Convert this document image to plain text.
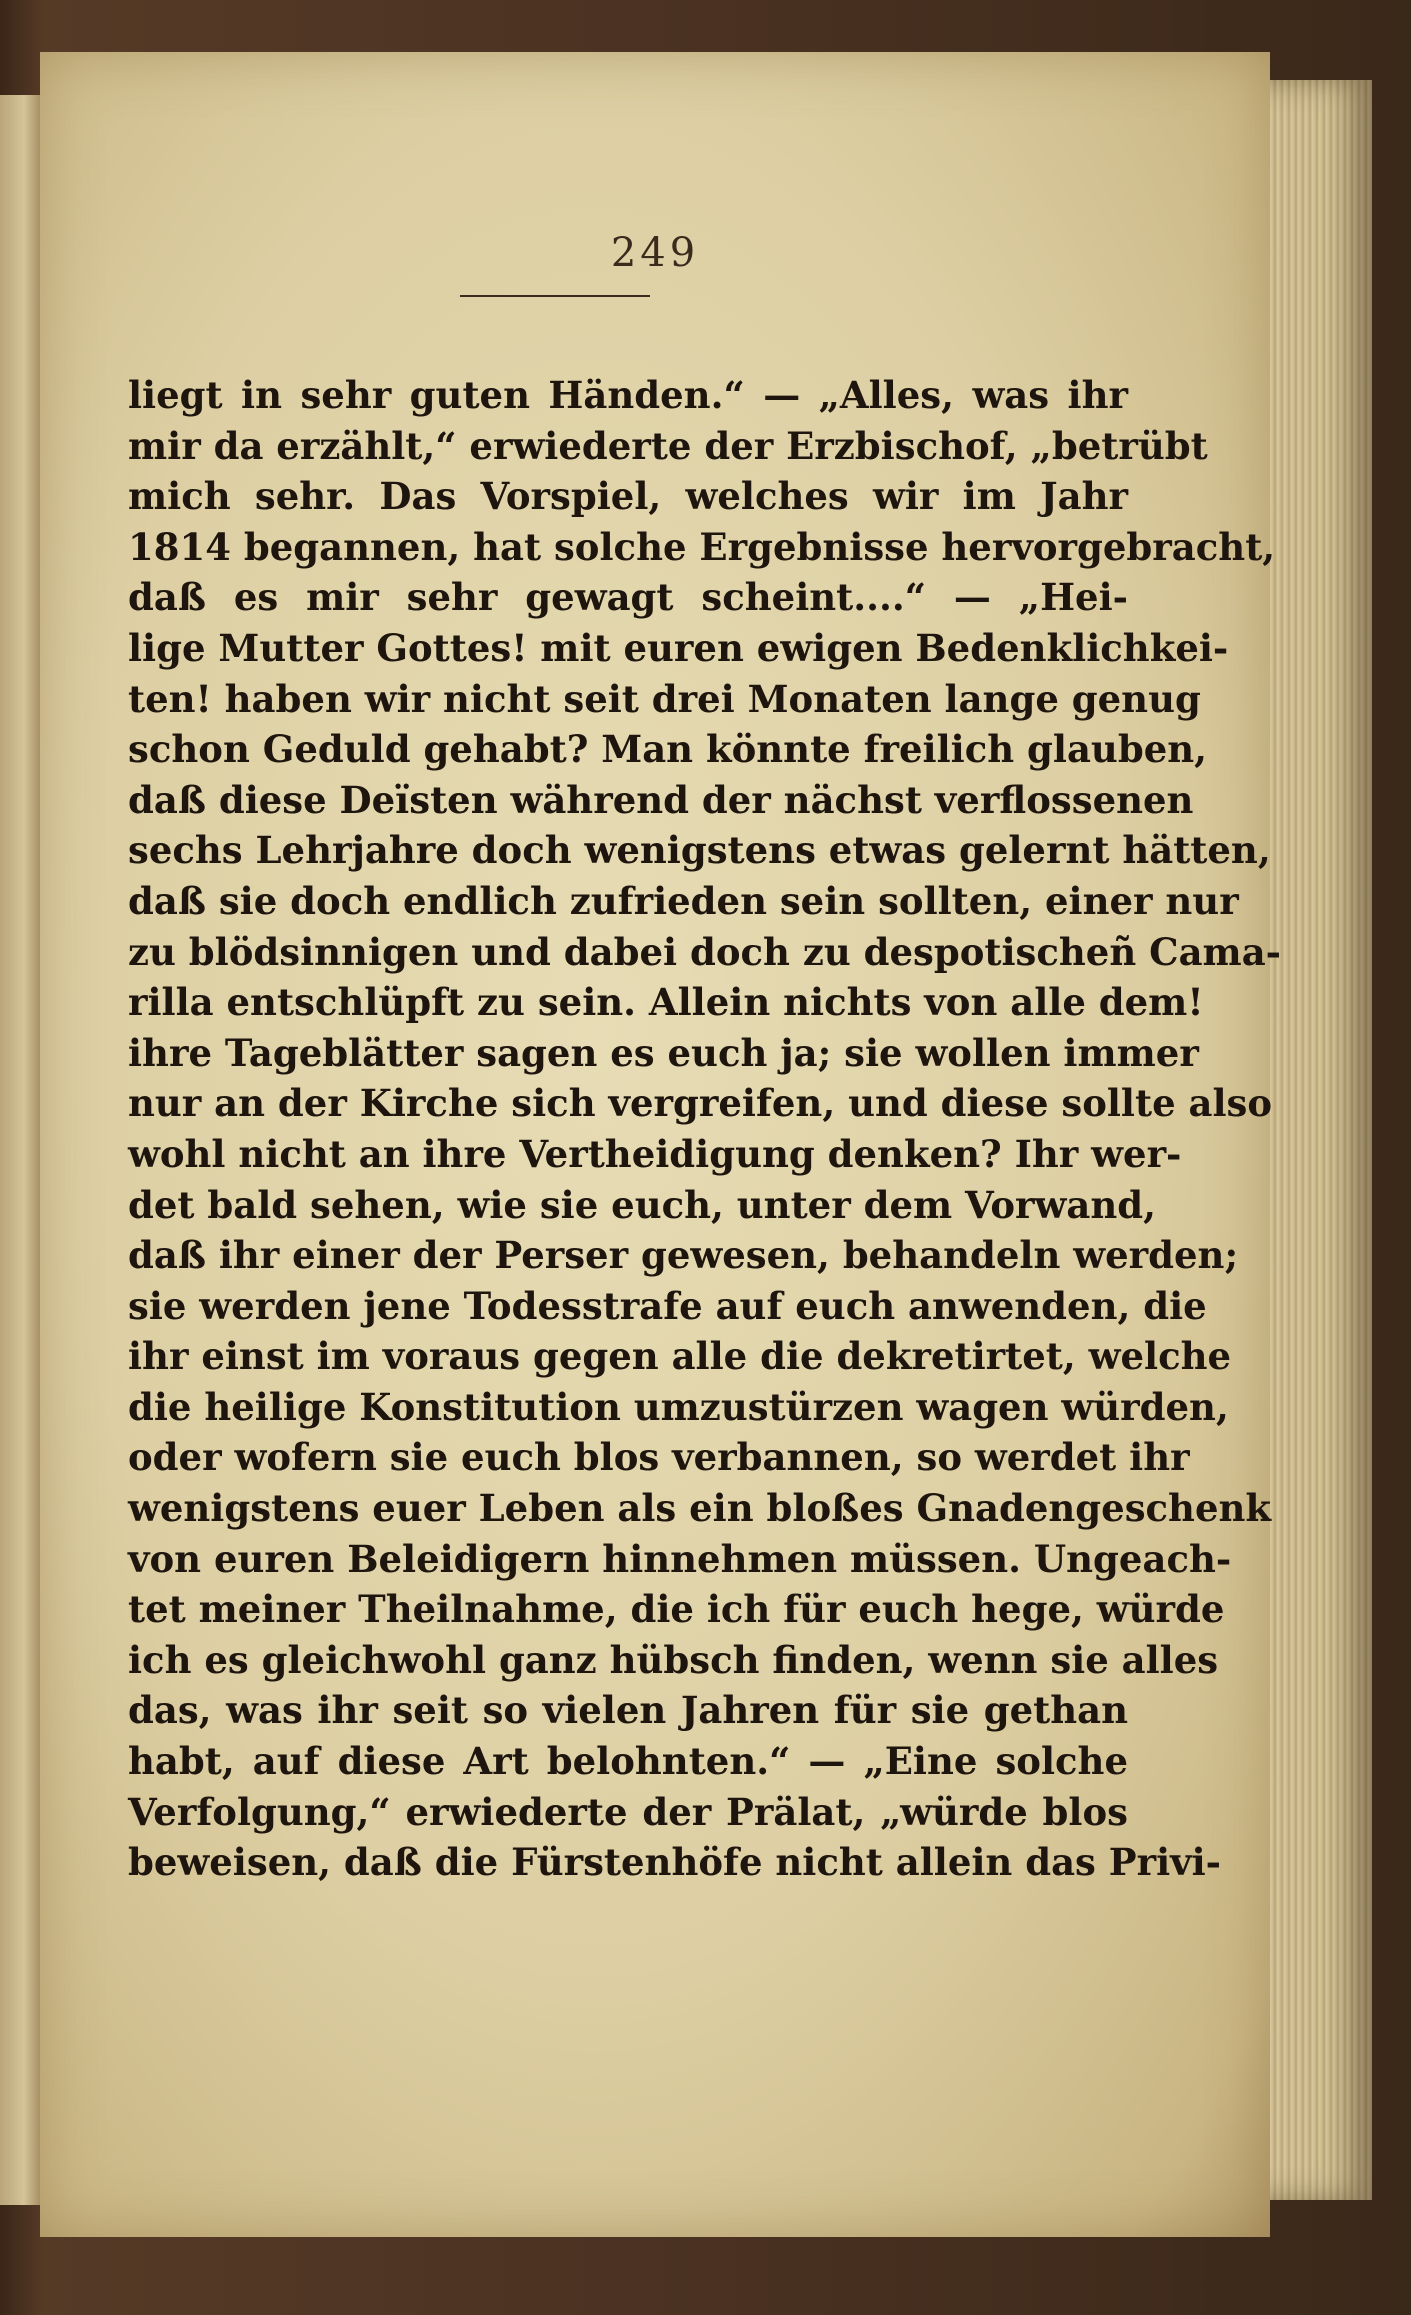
249
liegt in sehr guten Händen.“ — „Alles, was ihr
mir da erzählt,“ erwiederte der Erzbischof, „betrübt
mich sehr. Das Vorspiel, welches wir im Jahr
1814 begannen, hat solche Ergebnisse hervorgebracht,
daß es mir sehr gewagt scheint....“ — „Hei-
lige Mutter Gottes! mit euren ewigen Bedenklichkei-
ten! haben wir nicht seit drei Monaten lange genug
schon Geduld gehabt? Man könnte freilich glauben,
daß diese Deïsten während der nächst verflossenen
sechs Lehrjahre doch wenigstens etwas gelernt hätten,
daß sie doch endlich zufrieden sein sollten, einer nur
zu blödsinnigen und dabei doch zu despotischeñ Cama-
rilla entschlüpft zu sein. Allein nichts von alle dem!
ihre Tageblätter sagen es euch ja; sie wollen immer
nur an der Kirche sich vergreifen, und diese sollte also
wohl nicht an ihre Vertheidigung denken? Ihr wer-
det bald sehen, wie sie euch, unter dem Vorwand,
daß ihr einer der Perser gewesen, behandeln werden;
sie werden jene Todesstrafe auf euch anwenden, die
ihr einst im voraus gegen alle die dekretirtet, welche
die heilige Konstitution umzustürzen wagen würden,
oder wofern sie euch blos verbannen, so werdet ihr
wenigstens euer Leben als ein bloßes Gnadengeschenk
von euren Beleidigern hinnehmen müssen. Ungeach-
tet meiner Theilnahme, die ich für euch hege, würde
ich es gleichwohl ganz hübsch finden, wenn sie alles
das, was ihr seit so vielen Jahren für sie gethan
habt, auf diese Art belohnten.“ — „Eine solche
Verfolgung,“ erwiederte der Prälat, „würde blos
beweisen, daß die Fürstenhöfe nicht allein das Privi-
